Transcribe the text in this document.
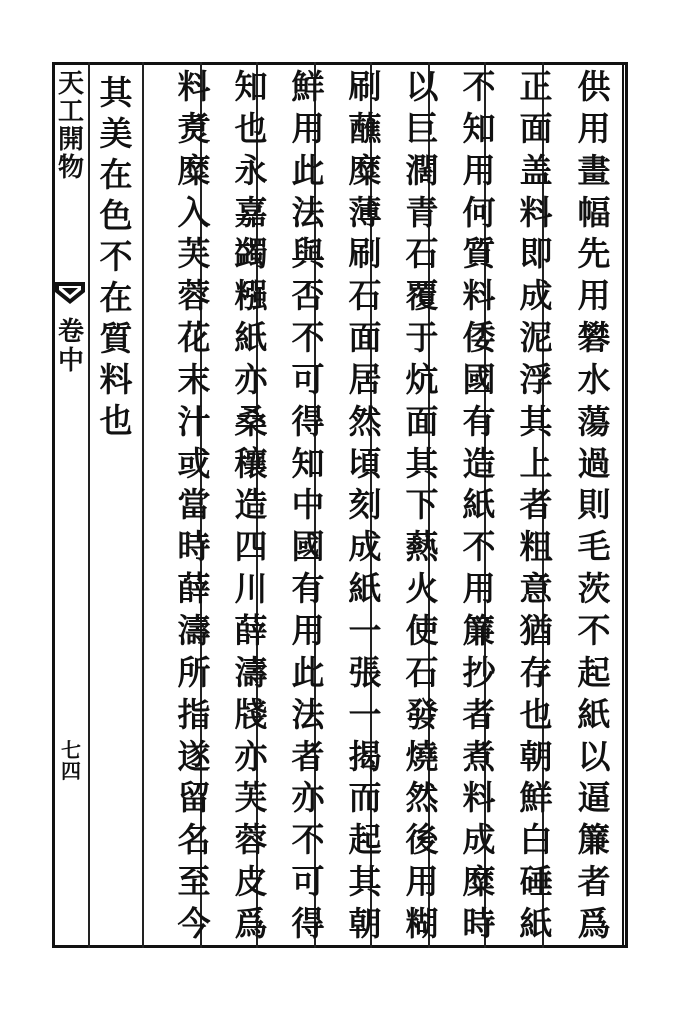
天
工
開
物
卷
中
七
四
供
用
畫
幅
先
用
礬
水
蕩
過
則
毛
茨
不
起
紙
以
逼
簾
者
爲
正
面
盖
料
即
成
泥
浮
其
上
者
粗
意
猶
存
也
朝
鮮
白
硾
紙
不
知
用
何
質
料
倭
國
有
造
紙
不
用
簾
抄
者
煮
料
成
糜
時
以
巨
濶
青
石
覆
于
炕
面
其
下
爇
火
使
石
發
燒
然
後
用
糊
刷
蘸
糜
薄
刷
石
面
居
然
頃
刻
成
紙
一
張
一
揭
而
起
其
朝
鮮
用
此
法
與
否
不
可
得
知
中
國
有
用
此
法
者
亦
不
可
得
知
也
永
嘉
蠲
糨
紙
亦
桑
穰
造
四
川
薛
濤
牋
亦
芙
蓉
皮
爲
料
煑
糜
入
芙
蓉
花
末
汁
或
當
時
薛
濤
所
指
遂
留
名
至
今
其
美
在
色
不
在
質
料
也
